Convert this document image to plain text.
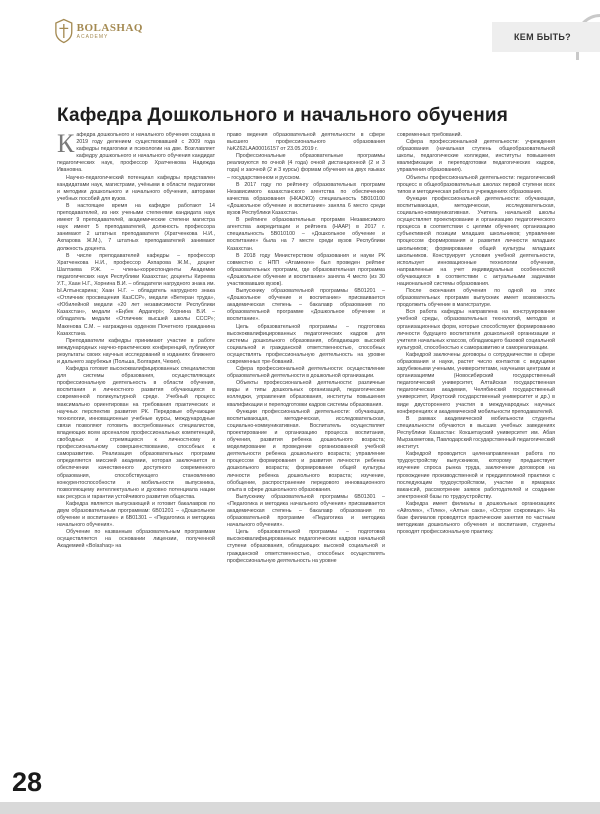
BOLASHAQ
ACADEMY	КЕМ БЫТЬ?
Кафедра Дошкольного и начального обучения

Кафедра дошкольного и начального обучения создана в 2019 году делением существовавшей с 2009 года кафедры педагогики и психологии на две. Возглавляет кафедру дошкольного и начального обучения кандидат педагогических наук, профессор Хратченкова Надежда Ивановна.

Научно-педагогический потенциал кафедры представлен кандидатами наук, магистрами, учёными в области педагогики и методики дошкольного и начального обучения, авторами учебных пособий для вузов.

В настоящее время на кафедре работают 14 преподавателей, из них учеными степенями кандидата наук имеют 9 преподавателей, академические степени магистра наук имеют 5 преподавателей, должность профессора занимают 2 штатных преподавателя (Хратченкова Н.И., Ахпарова Ж.М.), 7 штатных преподавателей занимают должность доцента.

В числе преподавателей кафедры – профессор Хратченкова Н.И., профессор Ахпарова Ж.М., доцент Шалтаева Р.Ж. – члены-корреспонденты Академии педагогических наук Республики Казахстан; доценты Киреева У.Т., Хаан Н.Г., Хорнина В.И. – обладатели нагрудного знака им. Ы.Алтынсарина; Хаан Н.Г. – обладатель нагрудного знака «Отличник просвещения КазССР», медали «Ветеран труда», «Юбилейной медали «20 лет независимости Республики Казахстан», медали «Еңбек Ардагері»; Хорнина В.И. – обладатель медали «Отличник высшей школы СССР»; Макенова С.М. – награждена орденом Почетного гражданина Казахстана.

Преподаватели кафедры принимают участие в работе международных научно-практических конференций, публикуют результаты своих научных исследований в изданиях ближнего и дальнего зарубежья (Польша, Болгария, Чехия).

Кафедра готовит высококвалифицированных специалистов для системы образования, осуществляющих профессиональную деятельность в области обучения, воспитания и личностного развития обучающихся в современной поликультурной среде. Учебный процесс максимально ориентирован на требования практических и научных перспектив развития РК. Передовые обучающие технологии, инновационные учебные курсы, международные связи позволяют готовить востребованных специалистов, владеющих всем арсеналом профессиональных компетенций, свободных и стремящихся к личностному и профессиональному совершенствованию, способных к саморазвитию. Реализация образовательных программ определяется миссией академии, которая заключается в обеспечении качественного доступного современного образования, способствующего становлению конкурентоспособности и мобильности выпускника, позволяющему интеллектуально и духовно потенциала нации как ресурса и гарантии устойчивого развития общества.

Кафедра является выпускающей и готовит бакалавров по двум образовательным программам: 6В01201 – «Дошкольное обучение и воспитание» и 6В01301 – «Педагогика и методика начального обучения».

Обучение по названным образовательным программам осуществляется на основании лицензии, полученной Академией «Bolashaq» на

право ведения образовательной деятельности в сфере высшего профессионального образования №KZ62LAA00016157 от 23.05.2019 г.

Профессиональные образовательные программы реализуются по очной (4 года) очной дистанционной (2 и 3 года) и заочной (2 и 3 курсы) формам обучения на двух языках – государственном и русском.

В 2017 году по рейтингу образовательных программ Независимого казахстанского агентства по обеспечению качества образования (НКАОКО) специальность 5В010100 «Дошкольное обучение и воспитание» заняла 6 место среди вузов Республики Казахстан.

В рейтинге образовательных программ Независимого агентства аккредитации и рейтинга (НААР) в 2017 г. специальность 5В010100 – «Дошкольное обучение и воспитание» была на 7 месте среди вузов Республики Казахстан.

В 2018 году Министерством образования и науки РК совместно с НПП «Атамекен» был проведен рейтинг образовательных программ, где образовательная программа «Дошкольное обучение и воспитание» заняла 4 место (из 30 участвовавших вузов).

Выпускнику образовательной программы 6В01201 – «Дошкольное обучение и воспитание» присваивается академическая степень – бакалавр образования по образовательной программе «Дошкольное обучение и воспитание».

Цель образовательной программы – подготовка высококвалифицированных педагогических кадров для системы дошкольного образования, обладающих высокой социальной и гражданской ответственностью, способных осуществлять профессиональную деятельность на уровне современных тре-бований.

Сфера профессиональной деятельности: осуществление образовательной деятельности в дошкольной организации.

Объекты профессиональной деятельности: различные виды и типы дошкольных организаций, педагогические колледжи, управления образования, институты повышения квалификации и переподготовки кадров системы образования.

Функции профессиональной деятельности: обучающая, воспитывающая, методическая, исследовательская, социально-коммуникативная. Воспитатель осуществляет проектирование и организацию процесса воспитания, обучения, развития ребенка дошкольного возраста; моделирование и проведение организованной учебной деятельности ребенка дошкольного возраста; управление процессом формирования и развития личности ребенка дошкольного возраста; формирование общей культуры личности ребенка дошкольного возраста; изучение, обобщение, распространение передового инновационного опыта в сфере дошкольного образования.

Выпускнику образовательной программы 6В01301 – «Педагогика и методика начального обучения» присваивается академическая степень – бакалавр образования по образовательной программе «Педагогика и методика начального обучения».

Цель образовательной программы – подготовка высококвалифицированных педагогических кадров начальной ступени образования, обладающих высокой социальной и гражданской ответственностью, способных осуществлять профессиональную деятельность на уровне

современных требований.

Сфера профессиональной деятельности: учреждения образования (начальная ступень общеобразовательной школы, педагогические колледжи, институты повышения квалификации и переподготовки педагогических кадров, управления образования).

Объекты профессиональной деятельности: педагогический процесс в общеобразовательных школах первой ступени всех типов и методическая работа в учреждениях образования.

Функции профессиональной деятельности: обучающая, воспитывающая, методическая, исследовательская, социально-коммуникативная. Учитель начальной школы осуществляет проектирование и организацию педагогического процесса в соответствии с целями обучения; организацию субъективной позиции младших школьников; управление процессом формирования и развития личности младших школьников; формирование общей культуры младших школьников. Конструирует условия учебной деятельности, использует инновационные технологии обучения, направленные на учет индивидуальных особенностей обучающихся в соответствии с актуальными задачами национальной системы образования.

После окончания обучения по одной из этих образовательных программ выпускник имеет возможность продолжить обучение в магистратуре.

Вся работа кафедры направлена на конструирование учебной среды, образовательных технологий, методов и организационных форм, которые способствуют формированию личности будущего воспитателя дошкольной организации и учителя начальных классов, обладающего базовой социальной культурой, способностью к саморазвитию и самореализации.

Кафедрой заключены договоры о сотрудничестве в сфере образования и науки, растет число контактов с ведущими зарубежными учеными, университетами, научными центрами и организациями (Новосибирский государственный педагогический университет, Алтайская государственная педагогическая академия, Челябинский государственный университет, Иркутский государственный университет и др.) в виде двустороннего участия в международных научных конференциях и академической мобильности преподавателей.

В рамках академической мобильности студенты специальности обучаются в высших учебных заведениях Республики Казахстан: Кокшетауский университет им. Абая Мырзахметова, Павлодарский государственный педагогический институт.

Кафедрой проводится целенаправленная работа по трудоустройству выпускников, которому предшествует изучение спроса рынка труда, заключение договоров на прохождение производственной и преддипломной практики с последующим трудоустройством, участие в ярмарках вакансий, рассмотрение заявок работодателей и создание электронной базы по трудоустройству.

Кафедра имеет филиалы в дошкольных организациях «Айголек», «Тілек», «Алтын сака», «Острое сокровище». На базе филиалов проводятся практические занятия по частным методикам дошкольного обучения и воспитания, студенты проходят профессиональную практику.

28
